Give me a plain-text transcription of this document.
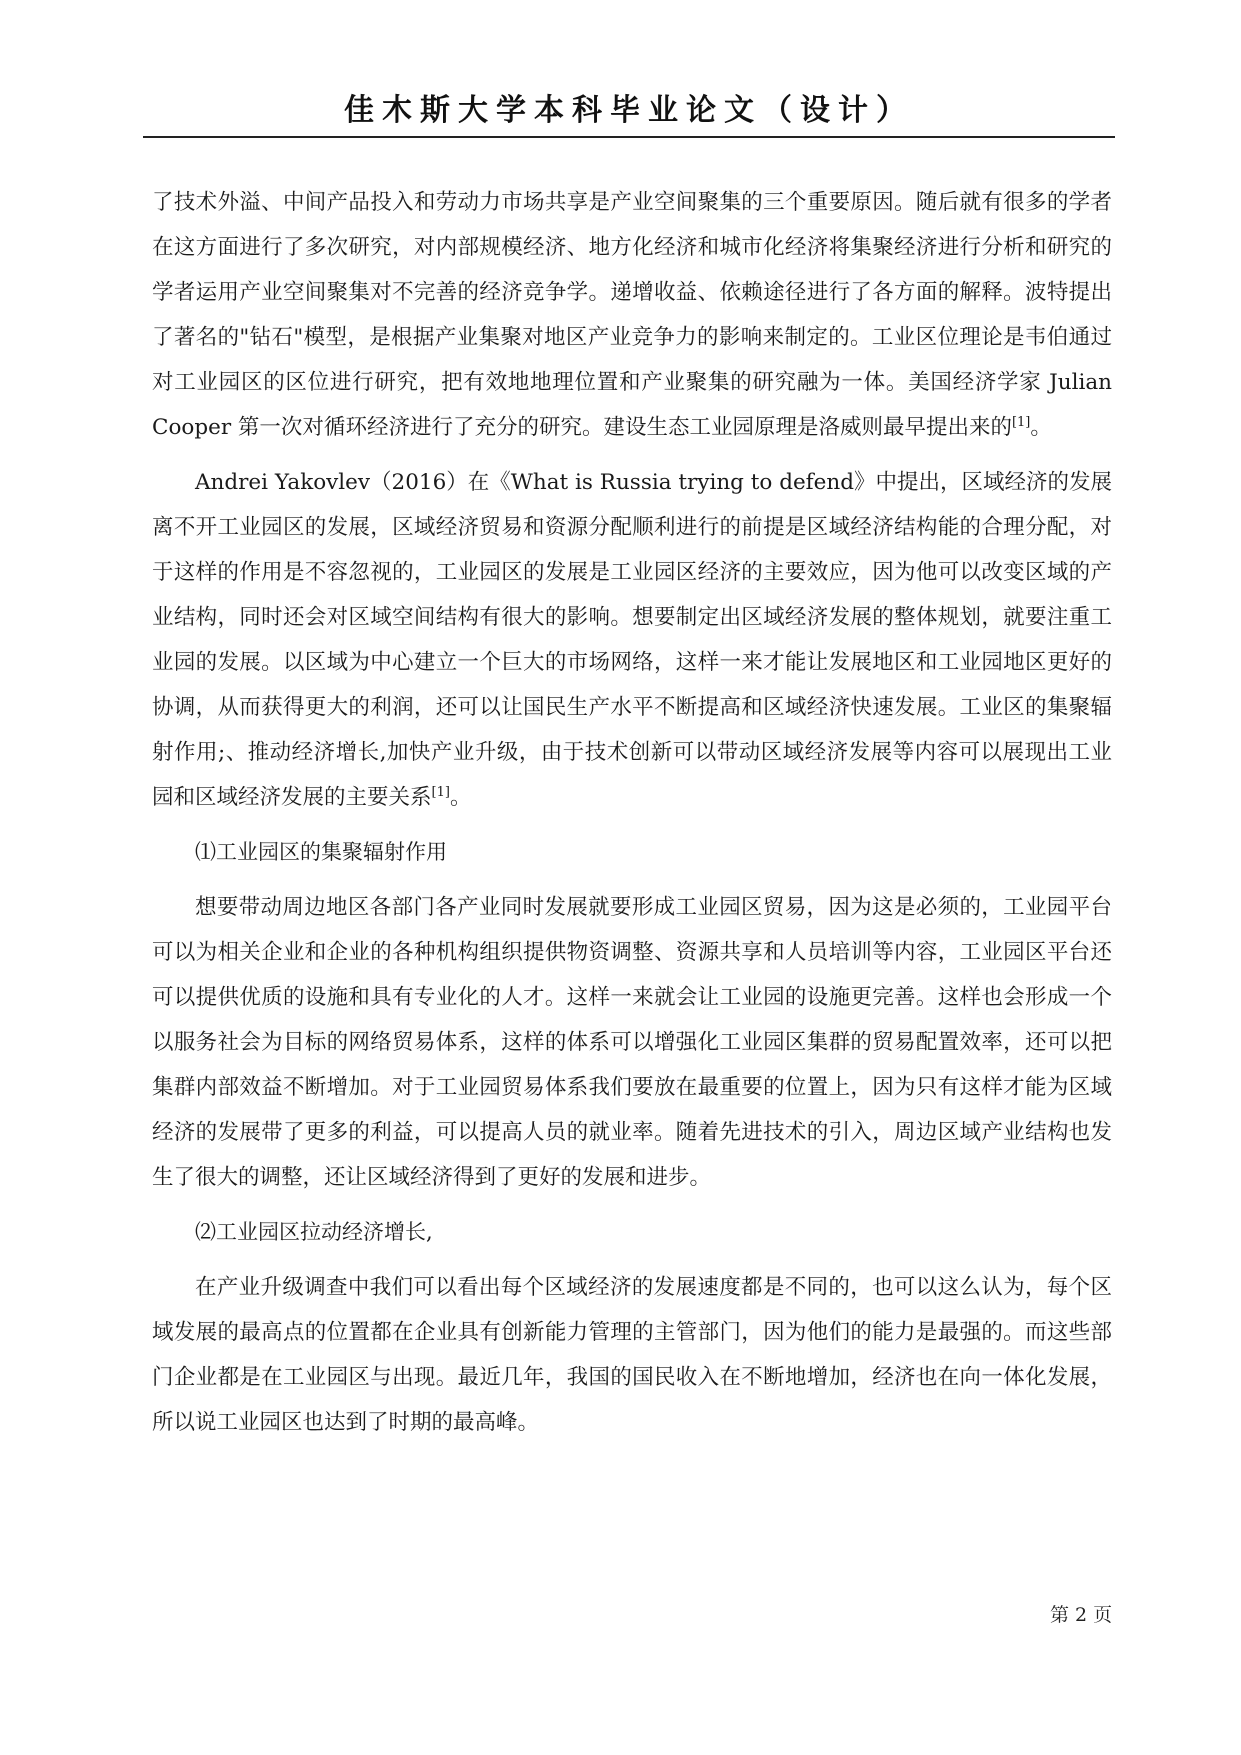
佳木斯大学本科毕业论文（设计）

了技术外溢、中间产品投入和劳动力市场共享是产业空间聚集的三个重要原因。随后就有很多的学者在这方面进行了多次研究，对内部规模经济、地方化经济和城市化经济将集聚经济进行分析和研究的学者运用产业空间聚集对不完善的经济竞争学。递增收益、依赖途径进行了各方面的解释。波特提出了著名的"钻石"模型，是根据产业集聚对地区产业竞争力的影响来制定的。工业区位理论是韦伯通过对工业园区的区位进行研究，把有效地地理位置和产业聚集的研究融为一体。美国经济学家 Julian Cooper 第一次对循环经济进行了充分的研究。建设生态工业园原理是洛威则最早提出来的[1]。

Andrei Yakovlev（2016）在《What is Russia trying to defend》中提出，区域经济的发展离不开工业园区的发展，区域经济贸易和资源分配顺利进行的前提是区域经济结构能的合理分配，对于这样的作用是不容忽视的，工业园区的发展是工业园区经济的主要效应，因为他可以改变区域的产业结构，同时还会对区域空间结构有很大的影响。想要制定出区域经济发展的整体规划，就要注重工业园的发展。以区域为中心建立一个巨大的市场网络，这样一来才能让发展地区和工业园地区更好的协调，从而获得更大的利润，还可以让国民生产水平不断提高和区域经济快速发展。工业区的集聚辐射作用;、推动经济增长,加快产业升级，由于技术创新可以带动区域经济发展等内容可以展现出工业园和区域经济发展的主要关系[1]。

⑴工业园区的集聚辐射作用

想要带动周边地区各部门各产业同时发展就要形成工业园区贸易，因为这是必须的，工业园平台可以为相关企业和企业的各种机构组织提供物资调整、资源共享和人员培训等内容，工业园区平台还可以提供优质的设施和具有专业化的人才。这样一来就会让工业园的设施更完善。这样也会形成一个以服务社会为目标的网络贸易体系，这样的体系可以增强化工业园区集群的贸易配置效率，还可以把集群内部效益不断增加。对于工业园贸易体系我们要放在最重要的位置上，因为只有这样才能为区域经济的发展带了更多的利益，可以提高人员的就业率。随着先进技术的引入，周边区域产业结构也发生了很大的调整，还让区域经济得到了更好的发展和进步。

⑵工业园区拉动经济增长,

在产业升级调查中我们可以看出每个区域经济的发展速度都是不同的，也可以这么认为，每个区域发展的最高点的位置都在企业具有创新能力管理的主管部门，因为他们的能力是最强的。而这些部门企业都是在工业园区与出现。最近几年，我国的国民收入在不断地增加，经济也在向一体化发展，所以说工业园区也达到了时期的最高峰。

第 2 页
